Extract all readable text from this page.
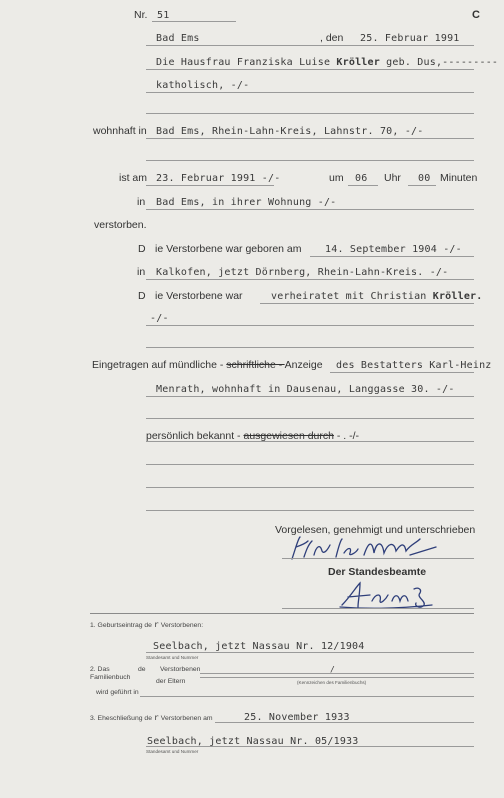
Nr. 51	C
Bad Ems	, den 25. Februar 1991
Die Hausfrau Franziska Luise Kröller geb. Dus,---------
katholisch, -/-
wohnhaft in Bad Ems, Rhein-Lahn-Kreis, Lahnstr. 70, -/-
ist am 23. Februar 1991 -/-	um 06 Uhr 00 Minuten
in Bad Ems, in ihrer Wohnung -/-
verstorben.
D ie Verstorbene war geboren am 14. September 1904 -/-
in Kalkofen, jetzt Dörnberg, Rhein-Lahn-Kreis. -/-
D ie Verstorbene war	verheiratet mit Christian Kröller.
-/-
Eingetragen auf mündliche - schriftliche - Anzeige des Bestatters Karl-Heinz
Menrath, wohnhaft in Dausenau, Langgasse 30. -/-
persönlich bekannt - ausgewiesen durch - . -/-
Vorgelesen, genehmigt und unterschrieben
Der Standesbeamte
1. Geburtseintrag de r Verstorbenen:
Seelbach, jetzt Nassau Nr. 12/1904
Standesamt und Nummer
2. Das	de Verstorbenen	/
Familienbuch
der Eltern	(Kennzeichen des Familienbuchs)
wird geführt in
3. Eheschließung de r Verstorbenen am	25. November 1933
Seelbach, jetzt Nassau Nr. 05/1933
Standesamt und Nummer
